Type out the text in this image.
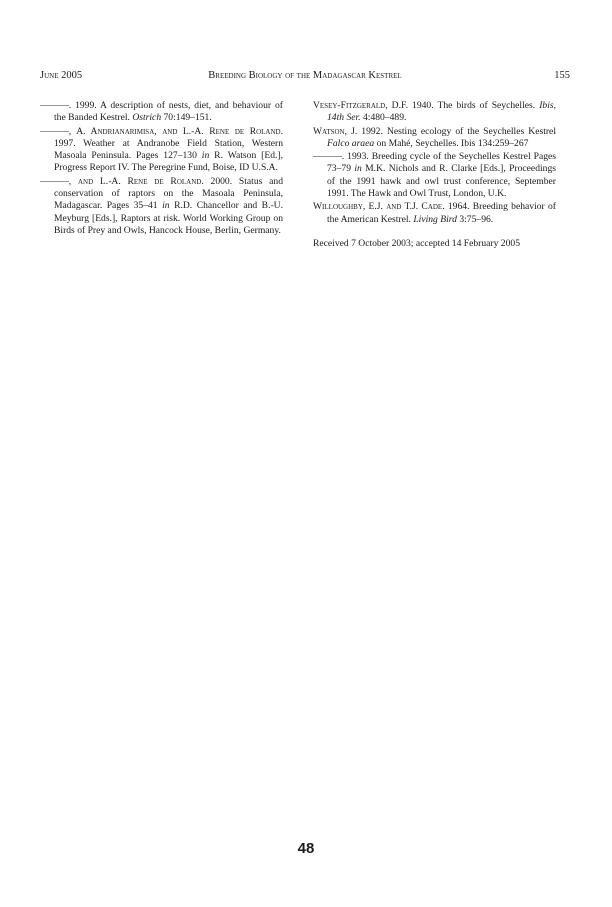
June 2005	Breeding Biology of the Madagascar Kestrel	155

———. 1999. A description of nests, diet, and behaviour of the Banded Kestrel. Ostrich 70:149–151.

———, A. Andrianarimisa, and L.-A. Rene de Roland. 1997. Weather at Andranobe Field Station, Western Masoala Peninsula. Pages 127–130 in R. Watson [Ed.], Progress Report IV. The Peregrine Fund, Boise, ID U.S.A.

———, and L.-A. Rene de Roland. 2000. Status and conservation of raptors on the Masoala Peninsula, Madagascar. Pages 35–41 in R.D. Chancellor and B.-U. Meyburg [Eds.], Raptors at risk. World Working Group on Birds of Prey and Owls, Hancock House, Berlin, Germany.

Vesey-Fitzgerald, D.F. 1940. The birds of Seychelles. Ibis, 14th Ser. 4:480–489.

Watson, J. 1992. Nesting ecology of the Seychelles Kestrel Falco araea on Mahé, Seychelles. Ibis 134:259–267

———. 1993. Breeding cycle of the Seychelles Kestrel Pages 73–79 in M.K. Nichols and R. Clarke [Eds.], Proceedings of the 1991 hawk and owl trust conference, September 1991. The Hawk and Owl Trust, London, U.K.

Willoughby, E.J. and T.J. Cade. 1964. Breeding behavior of the American Kestrel. Living Bird 3:75–96.

Received 7 October 2003; accepted 14 February 2005

48
